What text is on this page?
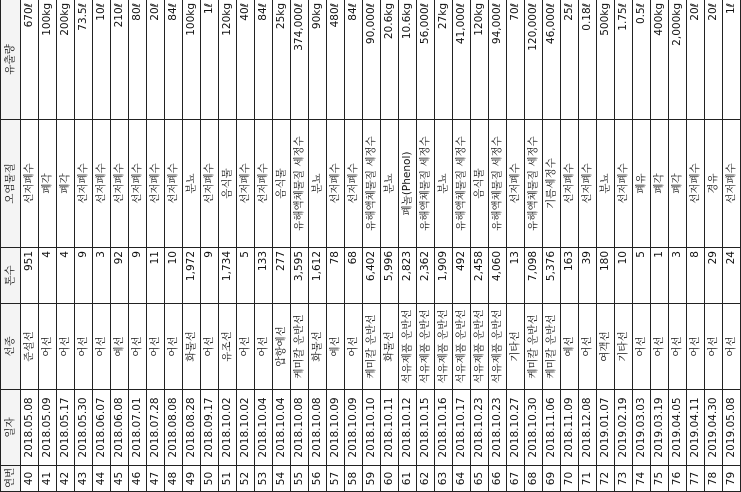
연번	일자	선종	톤수	오염물질	유출량
40	2018.05.08	준설선	951	선저폐수	670ℓ
41	2018.05.09	어선	4	폐각	100kg
42	2018.05.17	어선	4	폐각	200kg
43	2018.05.30	어선	9	선저폐수	73.5ℓ
44	2018.06.07	어선	3	선저폐수	10ℓ
45	2018.06.08	예선	92	선저폐수	210ℓ
46	2018.07.01	어선	9	선저폐수	80ℓ
47	2018.07.28	어선	11	선저폐수	20ℓ
48	2018.08.08	어선	10	선저폐수	84ℓ
49	2018.08.28	화물선	1,972	분뇨	100kg
50	2018.09.17	어선	9	선저폐수	1ℓ
51	2018.10.02	유조선	1,734	음식물	120kg
52	2018.10.02	어선	5	선저폐수	40ℓ
53	2018.10.04	어선	133	선저폐수	84ℓ
54	2018.10.04	압항예선	277	음식물	25kg
55	2018.10.08	케미칼 운반선	3,595	유해액체물질 세정수	374,000ℓ
56	2018.10.08	화물선	1,612	분뇨	90kg
57	2018.10.09	예선	78	선저폐수	480ℓ
58	2018.10.09	어선	68	선저폐수	84ℓ
59	2018.10.10	케미칼 운반선	6,402	유해액체물질 세정수	90,000ℓ
60	2018.10.11	화물선	5,996	분뇨	20.6kg
61	2018.10.12	석유제품 운반선	2,823	폐놀(Phenol)	10.6kg
62	2018.10.15	석유제품 운반선	2,362	유해액체물질 세정수	56,000ℓ
63	2018.10.16	석유제품 운반선	1,909	분뇨	27kg
64	2018.10.17	석유제품 운반선	492	유해액체물질 세정수	41,000ℓ
65	2018.10.23	석유제품 운반선	2,458	음식물	120kg
66	2018.10.23	석유제품 운반선	4,060	유해액체물질 세정수	94,000ℓ
67	2018.10.27	기타선	13	선저폐수	70ℓ
68	2018.10.30	케미칼 운반선	7,098	유해액체물질 세정수	120,000ℓ
69	2018.11.06	케미칼 운반선	5,376	기름세정수	46,000ℓ
70	2018.11.09	예선	163	선저폐수	25ℓ
71	2018.12.08	어선	39	선저폐수	0.18ℓ
72	2019.01.07	여객선	180	분뇨	500kg
73	2019.02.19	기타선	10	선저폐수	1.75ℓ
74	2019.03.03	어선	5	폐유	0.5ℓ
75	2019.03.19	어선	1	폐각	400kg
76	2019.04.05	어선	3	폐각	2,000kg
77	2019.04.11	어선	8	선저폐수	20ℓ
78	2019.04.30	어선	29	경유	20ℓ
79	2019.05.08	어선	24	선저폐수	1ℓ
